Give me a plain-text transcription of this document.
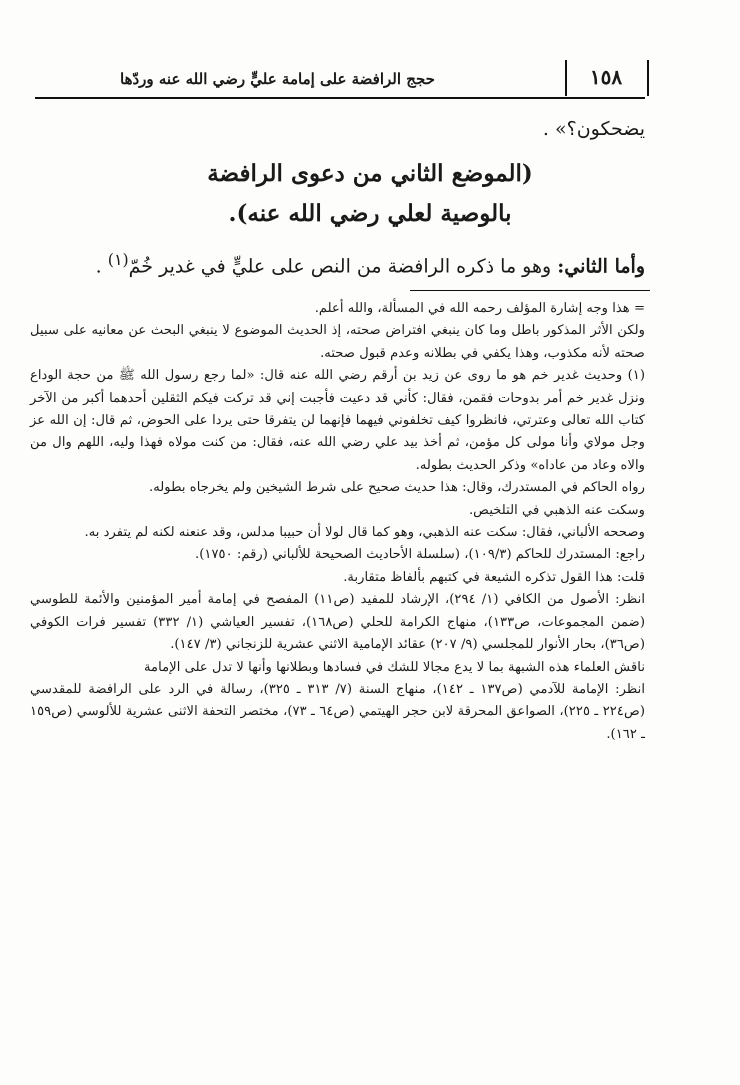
١٥٨
حجج الرافضة على إمامة عليٍّ رضي الله عنه وردّها
يضحكون؟» .
(الموضع الثاني من دعوى الرافضة
بالوصية لعلي رضي الله عنه).
وأما الثاني: وهو ما ذكره الرافضة من النص على عليٍّ في غدير خُمّ$^{(١)}$ .

= هذا وجه إشارة المؤلف رحمه الله في المسألة، والله أعلم.

ولكن الأثر المذكور باطل وما كان ينبغي افتراض صحته، إذ الحديث الموضوع لا ينبغي البحث عن معانيه على سبيل صحته لأنه مكذوب، وهذا يكفي في بطلانه وعدم قبول صحته.

(١) وحديث غدير خم هو ما روى عن زيد بن أرقم رضي الله عنه قال: «لما رجع رسول الله ﷺ من حجة الوداع ونزل غدير خم أمر بدوحات فقمن، فقال: كأني قد دعيت فأجبت إني قد تركت فيكم الثقلين أحدهما أكبر من الآخر كتاب الله تعالى وعترتي، فانظروا كيف تخلفوني فيهما فإنهما لن يتفرقا حتى يردا على الحوض، ثم قال: إن الله عز وجل مولاي وأنا مولى كل مؤمن، ثم أخذ بيد علي رضي الله عنه، فقال: من كنت مولاه فهذا وليه، اللهم وال من والاه وعاد من عاداه» وذكر الحديث بطوله.

رواه الحاكم في المستدرك، وقال: هذا حديث صحيح على شرط الشيخين ولم يخرجاه بطوله.

وسكت عنه الذهبي في التلخيص.

وصححه الألباني، فقال: سكت عنه الذهبي، وهو كما قال لولا أن حبيبا مدلس، وقد عنعنه لكنه لم يتفرد به.

راجع: المستدرك للحاكم (١٠٩/٣)، (سلسلة الأحاديث الصحيحة للألباني (رقم: ١٧٥٠).

قلت: هذا القول تذكره الشيعة في كتبهم بألفاظ متقاربة.

انظر: الأصول من الكافي (١/ ٢٩٤)، الإرشاد للمفيد (ص١١) المفصح في إمامة أمير المؤمنين والأئمة للطوسي (ضمن المجموعات، ص١٣٣)، منهاج الكرامة للحلي (ص١٦٨)، تفسير العياشي (١/ ٣٣٢) تفسير فرات الكوفي (ص٣٦)، بحار الأنوار للمجلسي (٩/ ٢٠٧) عقائد الإمامية الاثني عشرية للزنجاني (٣/ ١٤٧).

ناقش العلماء هذه الشبهة بما لا يدع مجالا للشك في فسادها وبطلانها وأنها لا تدل على الإمامة

انظر: الإمامة للآدمي (ص١٣٧ ـ ١٤٢)، منهاج السنة (٧/ ٣١٣ ـ ٣٢٥)، رسالة في الرد على الرافضة للمقدسي (ص٢٢٤ ـ ٢٢٥)، الصواعق المحرقة لابن حجر الهيتمي (ص٦٤ ـ ٧٣)، مختصر التحفة الاثنى عشرية للألوسي (ص١٥٩ ـ ١٦٢).
